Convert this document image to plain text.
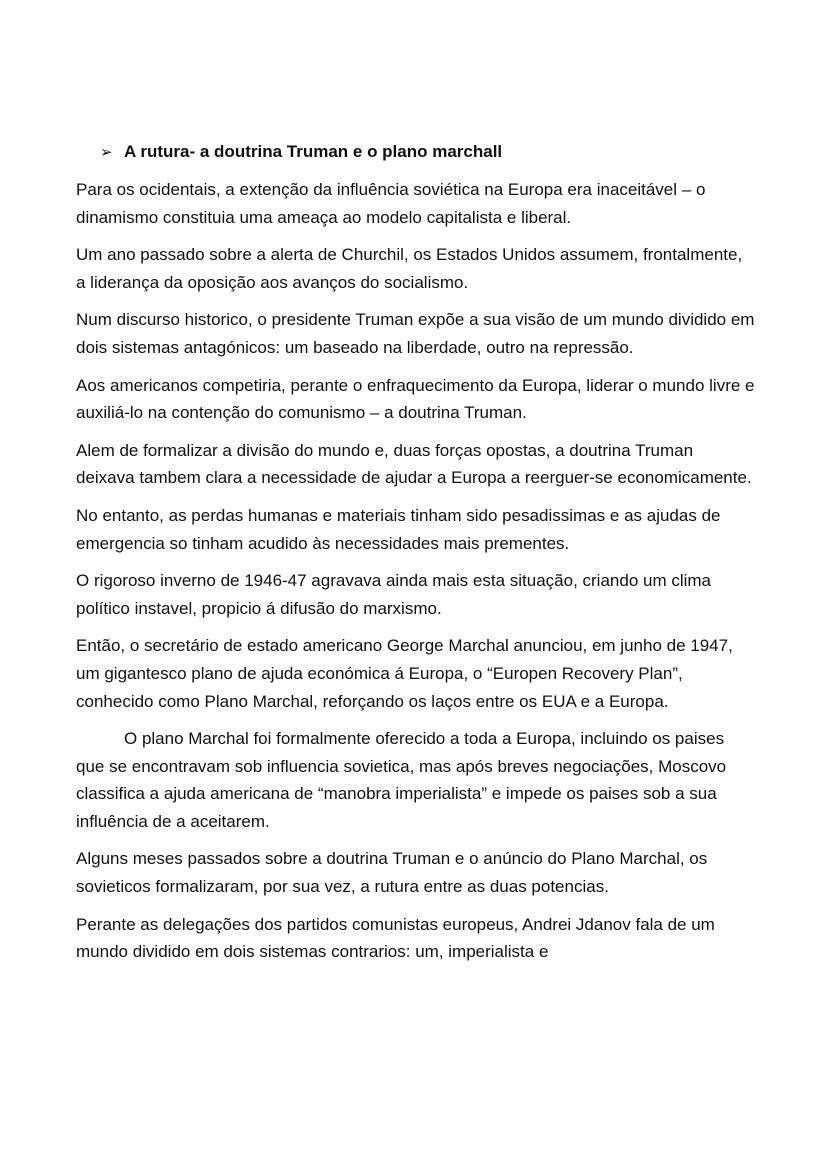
➢ A rutura- a doutrina Truman e o plano marchall

Para os ocidentais, a extenção da influência soviética na Europa era inaceitável – o dinamismo constituia uma ameaça ao modelo capitalista e liberal.

Um ano passado sobre a alerta de Churchil, os Estados Unidos assumem, frontalmente, a liderança da oposição aos avanços do socialismo.

Num discurso historico, o presidente Truman expõe a sua visão de um mundo dividido em dois sistemas antagónicos: um baseado na liberdade, outro na repressão.

Aos americanos competiria, perante o enfraquecimento da Europa, liderar o mundo livre e auxiliá-lo na contenção do comunismo – a doutrina Truman.

Alem de formalizar a divisão do mundo e, duas forças opostas, a doutrina Truman deixava tambem clara a necessidade de ajudar a Europa a reerguer-se economicamente.

No entanto, as perdas humanas e materiais tinham sido pesadissimas e as ajudas de emergencia so tinham acudido às necessidades mais prementes.

O rigoroso inverno de 1946-47 agravava ainda mais esta situação, criando um clima político instavel, propicio á difusão do marxismo.

Então, o secretário de estado americano George Marchal anunciou, em junho de 1947, um gigantesco plano de ajuda económica á Europa, o “Europen Recovery Plan”, conhecido como Plano Marchal, reforçando os laços entre os EUA e a Europa.

O plano Marchal foi formalmente oferecido a toda a Europa, incluindo os paises que se encontravam sob influencia sovietica, mas após breves negociações, Moscovo classifica a ajuda americana de “manobra imperialista” e impede os paises sob a sua influência de a aceitarem.

Alguns meses passados sobre a doutrina Truman e o anúncio do Plano Marchal, os sovieticos formalizaram, por sua vez, a rutura entre as duas potencias.

Perante as delegações dos partidos comunistas europeus, Andrei Jdanov fala de um mundo dividido em dois sistemas contrarios: um, imperialista e
